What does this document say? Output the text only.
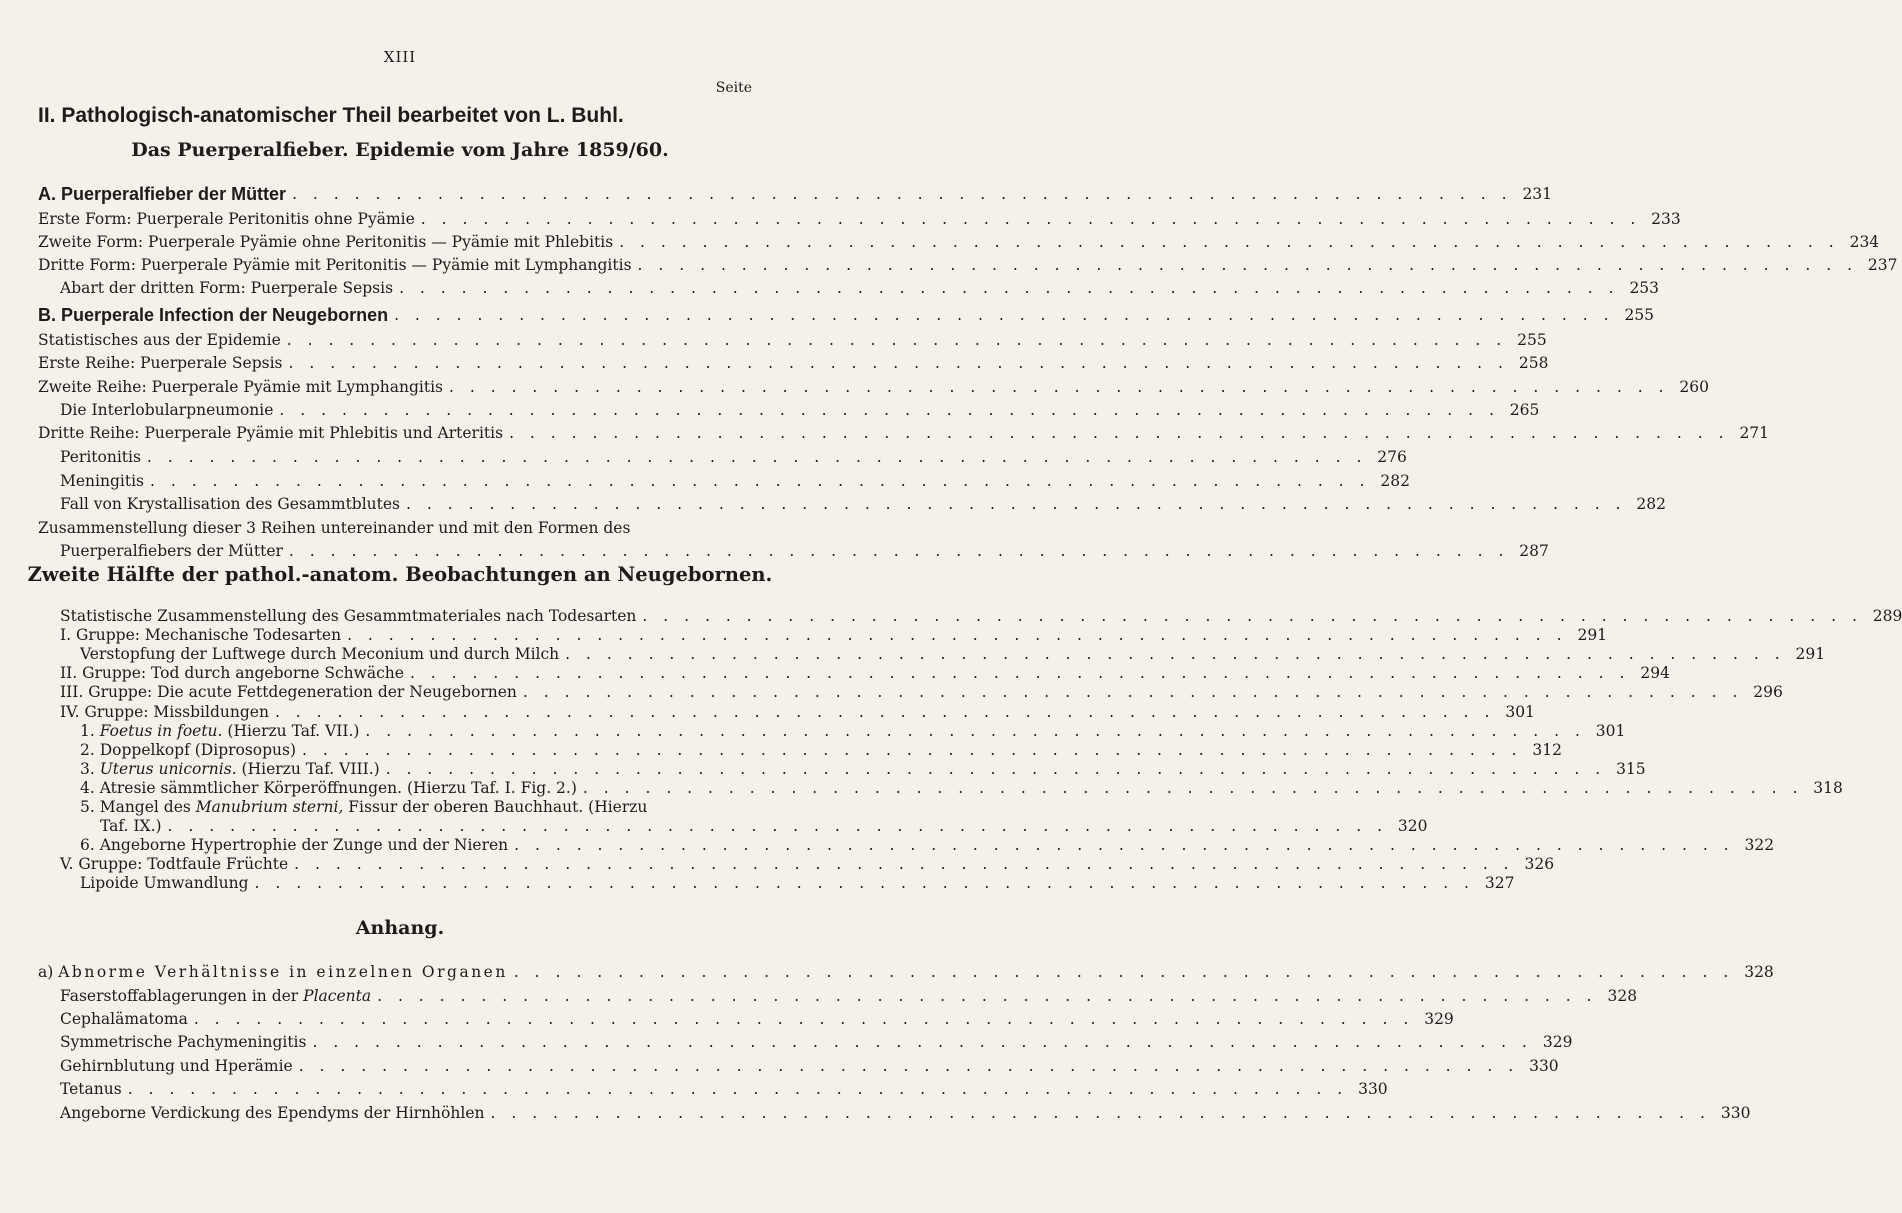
XIII
Seite
II. Pathologisch-anatomischer Theil bearbeitet von L. Buhl.
Das Puerperalfieber. Epidemie vom Jahre 1859/60.
Zweite Hälfte der pathol.-anatom. Beobachtungen an Neugebornen.
Anhang.
A. Puerperalfieber der Mütter . . . . . . . . . . . . . . . . . . . . . . . . . . . . . . . . . . . . . . . . . . . . . . . . . . . . . . . . . . . 231
Erste Form: Puerperale Peritonitis ohne Pyämie . . . . . . . . . . . . . . . . . . . . . . . . . . . . . . . . . . . . . . . . . . . . . . . . . . . . . . . . . . . 233
Zweite Form: Puerperale Pyämie ohne Peritonitis — Pyämie mit Phlebitis . . . . . . . . . . . . . . . . . . . . . . . . . . . . . . . . . . . . . . . . . . . . . . . . . . . . . . . . . . . 234
Dritte Form: Puerperale Pyämie mit Peritonitis — Pyämie mit Lymphangitis . . . . . . . . . . . . . . . . . . . . . . . . . . . . . . . . . . . . . . . . . . . . . . . . . . . . . . . . . . . 237
Abart der dritten Form: Puerperale Sepsis . . . . . . . . . . . . . . . . . . . . . . . . . . . . . . . . . . . . . . . . . . . . . . . . . . . . . . . . . . . 253
B. Puerperale Infection der Neugebornen . . . . . . . . . . . . . . . . . . . . . . . . . . . . . . . . . . . . . . . . . . . . . . . . . . . . . . . . . . . 255
Statistisches aus der Epidemie . . . . . . . . . . . . . . . . . . . . . . . . . . . . . . . . . . . . . . . . . . . . . . . . . . . . . . . . . . . 255
Erste Reihe: Puerperale Sepsis . . . . . . . . . . . . . . . . . . . . . . . . . . . . . . . . . . . . . . . . . . . . . . . . . . . . . . . . . . . 258
Zweite Reihe: Puerperale Pyämie mit Lymphangitis . . . . . . . . . . . . . . . . . . . . . . . . . . . . . . . . . . . . . . . . . . . . . . . . . . . . . . . . . . . 260
Die Interlobularpneumonie . . . . . . . . . . . . . . . . . . . . . . . . . . . . . . . . . . . . . . . . . . . . . . . . . . . . . . . . . . . 265
Dritte Reihe: Puerperale Pyämie mit Phlebitis und Arteritis . . . . . . . . . . . . . . . . . . . . . . . . . . . . . . . . . . . . . . . . . . . . . . . . . . . . . . . . . . . 271
Peritonitis . . . . . . . . . . . . . . . . . . . . . . . . . . . . . . . . . . . . . . . . . . . . . . . . . . . . . . . . . . . 276
Meningitis . . . . . . . . . . . . . . . . . . . . . . . . . . . . . . . . . . . . . . . . . . . . . . . . . . . . . . . . . . . 282
Fall von Krystallisation des Gesammtblutes . . . . . . . . . . . . . . . . . . . . . . . . . . . . . . . . . . . . . . . . . . . . . . . . . . . . . . . . . . . 282
Zusammenstellung dieser 3 Reihen untereinander und mit den Formen des
Puerperalfiebers der Mütter . . . . . . . . . . . . . . . . . . . . . . . . . . . . . . . . . . . . . . . . . . . . . . . . . . . . . . . . . . . 287
Statistische Zusammenstellung des Gesammtmateriales nach Todesarten . . . . . . . . . . . . . . . . . . . . . . . . . . . . . . . . . . . . . . . . . . . . . . . . . . . . . . . . . . . 289
I. Gruppe: Mechanische Todesarten . . . . . . . . . . . . . . . . . . . . . . . . . . . . . . . . . . . . . . . . . . . . . . . . . . . . . . . . . . . 291
Verstopfung der Luftwege durch Meconium und durch Milch . . . . . . . . . . . . . . . . . . . . . . . . . . . . . . . . . . . . . . . . . . . . . . . . . . . . . . . . . . . 291
II. Gruppe: Tod durch angeborne Schwäche . . . . . . . . . . . . . . . . . . . . . . . . . . . . . . . . . . . . . . . . . . . . . . . . . . . . . . . . . . . 294
III. Gruppe: Die acute Fettdegeneration der Neugebornen . . . . . . . . . . . . . . . . . . . . . . . . . . . . . . . . . . . . . . . . . . . . . . . . . . . . . . . . . . . 296
IV. Gruppe: Missbildungen . . . . . . . . . . . . . . . . . . . . . . . . . . . . . . . . . . . . . . . . . . . . . . . . . . . . . . . . . . . 301
1. Foetus in foetu. (Hierzu Taf. VII.) . . . . . . . . . . . . . . . . . . . . . . . . . . . . . . . . . . . . . . . . . . . . . . . . . . . . . . . . . . . 301
2. Doppelkopf (Diprosopus) . . . . . . . . . . . . . . . . . . . . . . . . . . . . . . . . . . . . . . . . . . . . . . . . . . . . . . . . . . . 312
3. Uterus unicornis. (Hierzu Taf. VIII.) . . . . . . . . . . . . . . . . . . . . . . . . . . . . . . . . . . . . . . . . . . . . . . . . . . . . . . . . . . . 315
4. Atresie sämmtlicher Körperöffnungen. (Hierzu Taf. I. Fig. 2.) . . . . . . . . . . . . . . . . . . . . . . . . . . . . . . . . . . . . . . . . . . . . . . . . . . . . . . . . . . . 318
5. Mangel des Manubrium sterni, Fissur der oberen Bauchhaut. (Hierzu
Taf. IX.) . . . . . . . . . . . . . . . . . . . . . . . . . . . . . . . . . . . . . . . . . . . . . . . . . . . . . . . . . . . 320
6. Angeborne Hypertrophie der Zunge und der Nieren . . . . . . . . . . . . . . . . . . . . . . . . . . . . . . . . . . . . . . . . . . . . . . . . . . . . . . . . . . . 322
V. Gruppe: Todtfaule Früchte . . . . . . . . . . . . . . . . . . . . . . . . . . . . . . . . . . . . . . . . . . . . . . . . . . . . . . . . . . . 326
Lipoide Umwandlung . . . . . . . . . . . . . . . . . . . . . . . . . . . . . . . . . . . . . . . . . . . . . . . . . . . . . . . . . . . 327
a) Abnorme Verhältnisse in einzelnen Organen . . . . . . . . . . . . . . . . . . . . . . . . . . . . . . . . . . . . . . . . . . . . . . . . . . . . . . . . . . . 328
Faserstoffablagerungen in der Placenta . . . . . . . . . . . . . . . . . . . . . . . . . . . . . . . . . . . . . . . . . . . . . . . . . . . . . . . . . . . 328
Cephalämatoma . . . . . . . . . . . . . . . . . . . . . . . . . . . . . . . . . . . . . . . . . . . . . . . . . . . . . . . . . . . 329
Symmetrische Pachymeningitis . . . . . . . . . . . . . . . . . . . . . . . . . . . . . . . . . . . . . . . . . . . . . . . . . . . . . . . . . . . 329
Gehirnblutung und Hperämie . . . . . . . . . . . . . . . . . . . . . . . . . . . . . . . . . . . . . . . . . . . . . . . . . . . . . . . . . . . 330
Tetanus . . . . . . . . . . . . . . . . . . . . . . . . . . . . . . . . . . . . . . . . . . . . . . . . . . . . . . . . . . . 330
Angeborne Verdickung des Ependyms der Hirnhöhlen . . . . . . . . . . . . . . . . . . . . . . . . . . . . . . . . . . . . . . . . . . . . . . . . . . . . . . . . . . . 330
